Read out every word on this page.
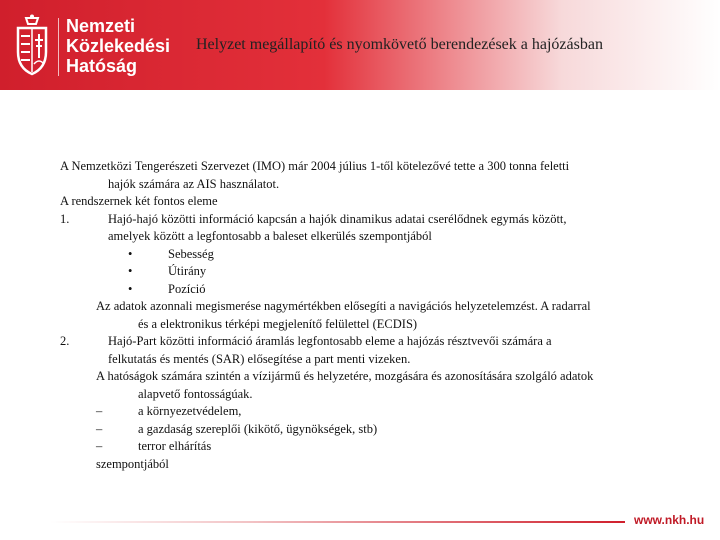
Nemzeti
Közlekedési
Hatóság
Helyzet megállapító és nyomkövető berendezések a hajózásban
A Nemzetközi Tengerészeti Szervezet (IMO) már 2004 július 1-től kötelezővé tette a 300 tonna feletti
hajók számára az AIS használatot.
A rendszernek két fontos eleme
1.	Hajó-hajó közötti információ kapcsán a hajók dinamikus adatai cserélődnek egymás között,
amelyek között a legfontosabb a baleset elkerülés szempontjából
•	Sebesség
•	Útirány
•	Pozíció
Az adatok azonnali megismerése nagymértékben elősegíti a navigációs helyzetelemzést. A radarral
és a elektronikus térképi megjelenítő felülettel (ECDIS)
2.	Hajó-Part közötti információ áramlás legfontosabb eleme a hajózás résztvevői számára a
felkutatás és mentés (SAR) elősegítése a part menti vizeken.
A hatóságok számára szintén a vízijármű és helyzetére, mozgására és azonosítására szolgáló adatok
alapvető fontosságúak.
–	a környezetvédelem,
–	a gazdaság szereplői (kikötő, ügynökségek, stb)
–	terror elhárítás
szempontjából
www.nkh.hu
